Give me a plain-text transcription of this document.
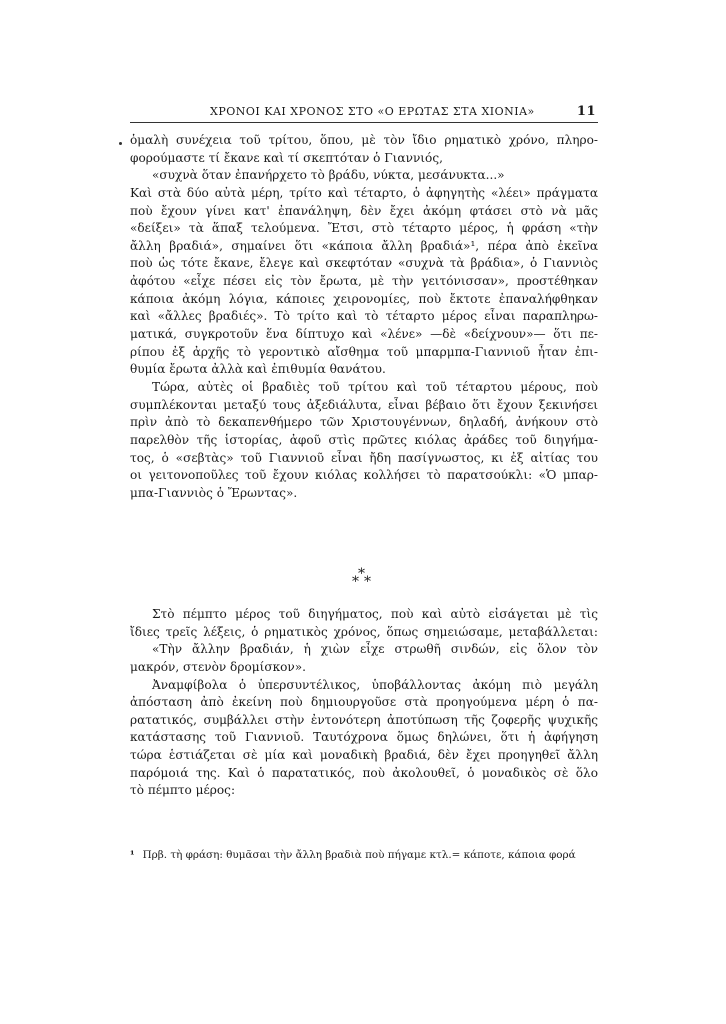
ΧΡΟΝΟΙ ΚΑΙ ΧΡΟΝΟΣ ΣΤΟ «Ο ΕΡΩΤΑΣ ΣΤΑ ΧΙΟΝΙΑ»	11
ὁμαλὴ συνέχεια τοῦ τρίτου, ὅπου, μὲ τὸν ἴδιο ρηματικὸ χρόνο, πληρο-
φορούμαστε τί ἔκανε καὶ τί σκεπτόταν ὁ Γιαννιός,
«συχνὰ ὅταν ἐπανήρχετο τὸ βράδυ, νύκτα, μεσάνυκτα...»
Καὶ στὰ δύο αὐτὰ μέρη, τρίτο καὶ τέταρτο, ὁ ἀφηγητὴς «λέει» πράγματα
ποὺ ἔχουν γίνει κατ' ἐπανάληψη, δὲν ἔχει ἀκόμη φτάσει στὸ νὰ μᾶς
«δείξει» τὰ ἅπαξ τελούμενα. Ἔτσι, στὸ τέταρτο μέρος, ἡ φράση «τὴν
ἄλλη βραδιά», σημαίνει ὅτι «κάποια ἄλλη βραδιά»¹, πέρα ἀπὸ ἐκεῖνα
ποὺ ὡς τότε ἔκανε, ἔλεγε καὶ σκεφτόταν «συχνὰ τὰ βράδια», ὁ Γιαννιὸς
ἀφότου «εἶχε πέσει εἰς τὸν ἔρωτα, μὲ τὴν γειτόνισσαν», προστέθηκαν
κάποια ἀκόμη λόγια, κάποιες χειρονομίες, ποὺ ἔκτοτε ἐπαναλήφθηκαν
καὶ «ἄλλες βραδιές». Τὸ τρίτο καὶ τὸ τέταρτο μέρος εἶναι παραπληρω-
ματικά, συγκροτοῦν ἕνα δίπτυχο καὶ «λένε» —δὲ «δείχνουν»— ὅτι πε-
ρίπου ἐξ ἀρχῆς τὸ γεροντικὸ αἴσθημα τοῦ μπαρμπα-Γιαννιοῦ ἦταν ἐπι-
θυμία ἔρωτα ἀλλὰ καὶ ἐπιθυμία θανάτου.
Τώρα, αὐτὲς οἱ βραδιὲς τοῦ τρίτου καὶ τοῦ τέταρτου μέρους, ποὺ
συμπλέκονται μεταξύ τους ἀξεδιάλυτα, εἶναι βέβαιο ὅτι ἔχουν ξεκινήσει
πρὶν ἀπὸ τὸ δεκαπενθήμερο τῶν Χριστουγέννων, δηλαδή, ἀνήκουν στὸ
παρελθὸν τῆς ἱστορίας, ἀφοῦ στὶς πρῶτες κιόλας ἀράδες τοῦ διηγήμα-
τος, ὁ «σεβτὰς» τοῦ Γιαννιοῦ εἶναι ἤδη πασίγνωστος, κι ἐξ αἰτίας του
οι γειτονοποῦλες τοῦ ἔχουν κιόλας κολλήσει τὸ παρατσούκλι: «Ὁ μπαρ-
μπα-Γιαννιὸς ὁ Ἔρωντας».
* * *
Στὸ πέμπτο μέρος τοῦ διηγήματος, ποὺ καὶ αὐτὸ εἰσάγεται μὲ τὶς
ἴδιες τρεῖς λέξεις, ὁ ρηματικὸς χρόνος, ὅπως σημειώσαμε, μεταβάλλεται:
«Τὴν ἄλλην βραδιάν, ἡ χιὼν εἶχε στρωθῆ σινδών, εἰς ὅλον τὸν
μακρόν, στενὸν δρομίσκον».
Ἀναμφίβολα ὁ ὑπερσυντέλικος, ὑποβάλλοντας ἀκόμη πιὸ μεγάλη
ἀπόσταση ἀπὸ ἐκείνη ποὺ δημιουργοῦσε στὰ προηγούμενα μέρη ὁ πα-
ρατατικός, συμβάλλει στὴν ἐντονότερη ἀποτύπωση τῆς ζοφερῆς ψυχικῆς
κατάστασης τοῦ Γιαννιοῦ. Ταυτόχρονα ὅμως δηλώνει, ὅτι ἡ ἀφήγηση
τώρα ἑστιάζεται σὲ μία καὶ μοναδικὴ βραδιά, δὲν ἔχει προηγηθεῖ ἄλλη
παρόμοιά της. Καὶ ὁ παρατατικός, ποὺ ἀκολουθεῖ, ὁ μοναδικὸς σὲ ὅλο
τὸ πέμπτο μέρος:
¹ Πρβ. τὴ φράση: θυμᾶσαι τὴν ἄλλη βραδιὰ ποὺ πήγαμε κτλ.= κάποτε, κάποια φορά
